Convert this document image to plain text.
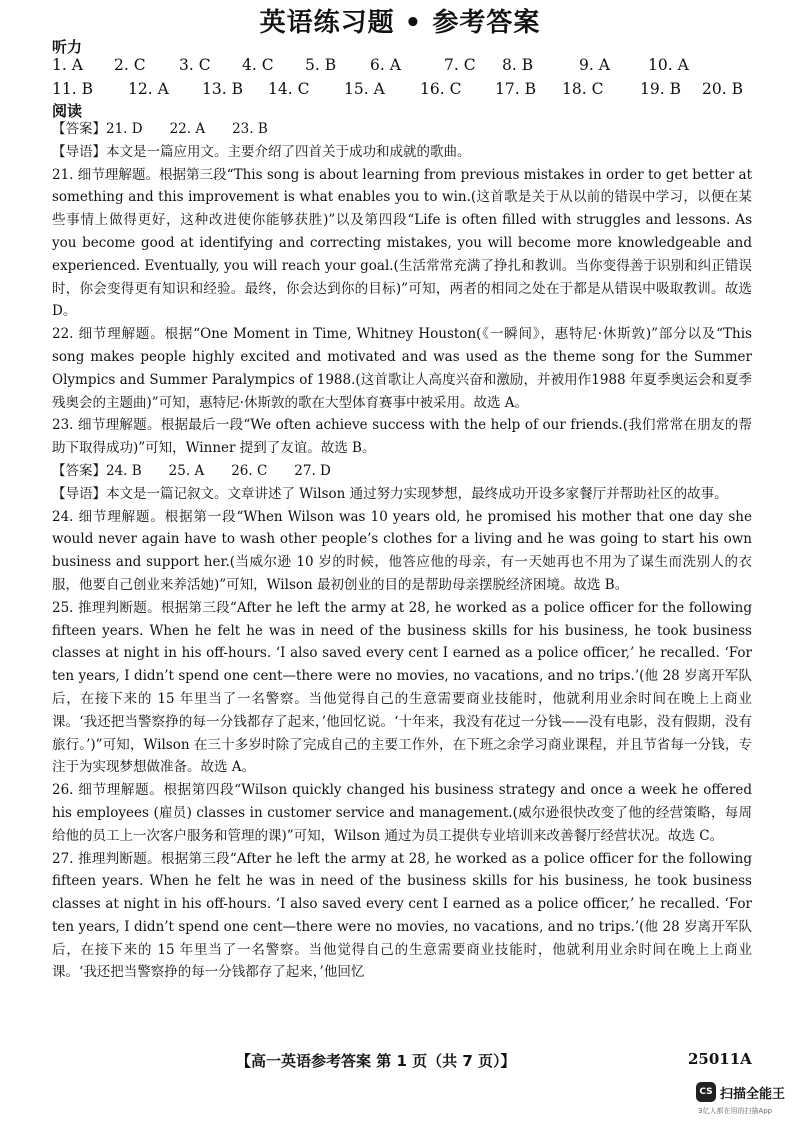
英语练习题 • 参考答案
听力
1. A 2. C 3. C 4. C 5. B 6. A	7. C 8. B	9. A 10. A
11. B 12. A 13. B 14. C 15. A 16. C 17. B 18. C 19. B 20. B
阅读

【答案】21. D　　22. A　　23. B

【导语】本文是一篇应用文。主要介绍了四首关于成功和成就的歌曲。

21. 细节理解题。根据第三段“This song is about learning from previous mistakes in order to get better at something and this improvement is what enables you to win.(这首歌是关于从以前的错误中学习，以便在某些事情上做得更好，这种改进使你能够获胜)”以及第四段“Life is often filled with struggles and lessons. As you become good at identifying and correcting mistakes, you will become more knowledgeable and experienced. Eventually, you will reach your goal.(生活常常充满了挣扎和教训。当你变得善于识别和纠正错误时，你会变得更有知识和经验。最终，你会达到你的目标)”可知，两者的相同之处在于都是从错误中吸取教训。故选 D。

22. 细节理解题。根据“One Moment in Time, Whitney Houston(《一瞬间》，惠特尼·休斯敦)”部分以及“This song makes people highly excited and motivated and was used as the theme song for the Summer Olympics and Summer Paralympics of 1988.(这首歌让人高度兴奋和激励，并被用作1988 年夏季奥运会和夏季残奥会的主题曲)”可知，惠特尼·休斯敦的歌在大型体育赛事中被采用。故选 A。

23. 细节理解题。根据最后一段“We often achieve success with the help of our friends.(我们常常在朋友的帮助下取得成功)”可知，Winner 提到了友谊。故选 B。

【答案】24. B　　25. A　　26. C　　27. D

【导语】本文是一篇记叙文。文章讲述了 Wilson 通过努力实现梦想，最终成功开设多家餐厅并帮助社区的故事。

24. 细节理解题。根据第一段“When Wilson was 10 years old, he promised his mother that one day she would never again have to wash other people’s clothes for a living and he was going to start his own business and support her.(当威尔逊 10 岁的时候，他答应他的母亲，有一天她再也不用为了谋生而洗别人的衣服，他要自己创业来养活她)”可知，Wilson 最初创业的目的是帮助母亲摆脱经济困境。故选 B。

25. 推理判断题。根据第三段“After he left the army at 28, he worked as a police officer for the following fifteen years. When he felt he was in need of the business skills for his business, he took business classes at night in his off-hours. ‘I also saved every cent I earned as a police officer,’ he recalled. ‘For ten years, I didn’t spend one cent—there were no movies, no vacations, and no trips.’(他 28 岁离开军队后，在接下来的 15 年里当了一名警察。当他觉得自己的生意需要商业技能时，他就利用业余时间在晚上上商业课。‘我还把当警察挣的每一分钱都存了起来，’他回忆说。‘十年来，我没有花过一分钱——没有电影，没有假期，没有旅行。’)”可知，Wilson 在三十多岁时除了完成自己的主要工作外，在下班之余学习商业课程，并且节省每一分钱，专注于为实现梦想做准备。故选 A。

26. 细节理解题。根据第四段“Wilson quickly changed his business strategy and once a week he offered his employees (雇员) classes in customer service and management.(威尔逊很快改变了他的经营策略，每周给他的员工上一次客户服务和管理的课)”可知，Wilson 通过为员工提供专业培训来改善餐厅经营状况。故选 C。

27. 推理判断题。根据第三段“After he left the army at 28, he worked as a police officer for the following fifteen years. When he felt he was in need of the business skills for his business, he took business classes at night in his off-hours. ‘I also saved every cent I earned as a police officer,’ he recalled. ‘For ten years, I didn’t spend one cent—there were no movies, no vacations, and no trips.’(他 28 岁离开军队后，在接下来的 15 年里当了一名警察。当他觉得自己的生意需要商业技能时，他就利用业余时间在晚上上商业课。‘我还把当警察挣的每一分钱都存了起来，’他回忆

【高一英语参考答案 第 1 页（共 7 页）】	25011A
CS 扫描全能王
3亿人都在用的扫描App
